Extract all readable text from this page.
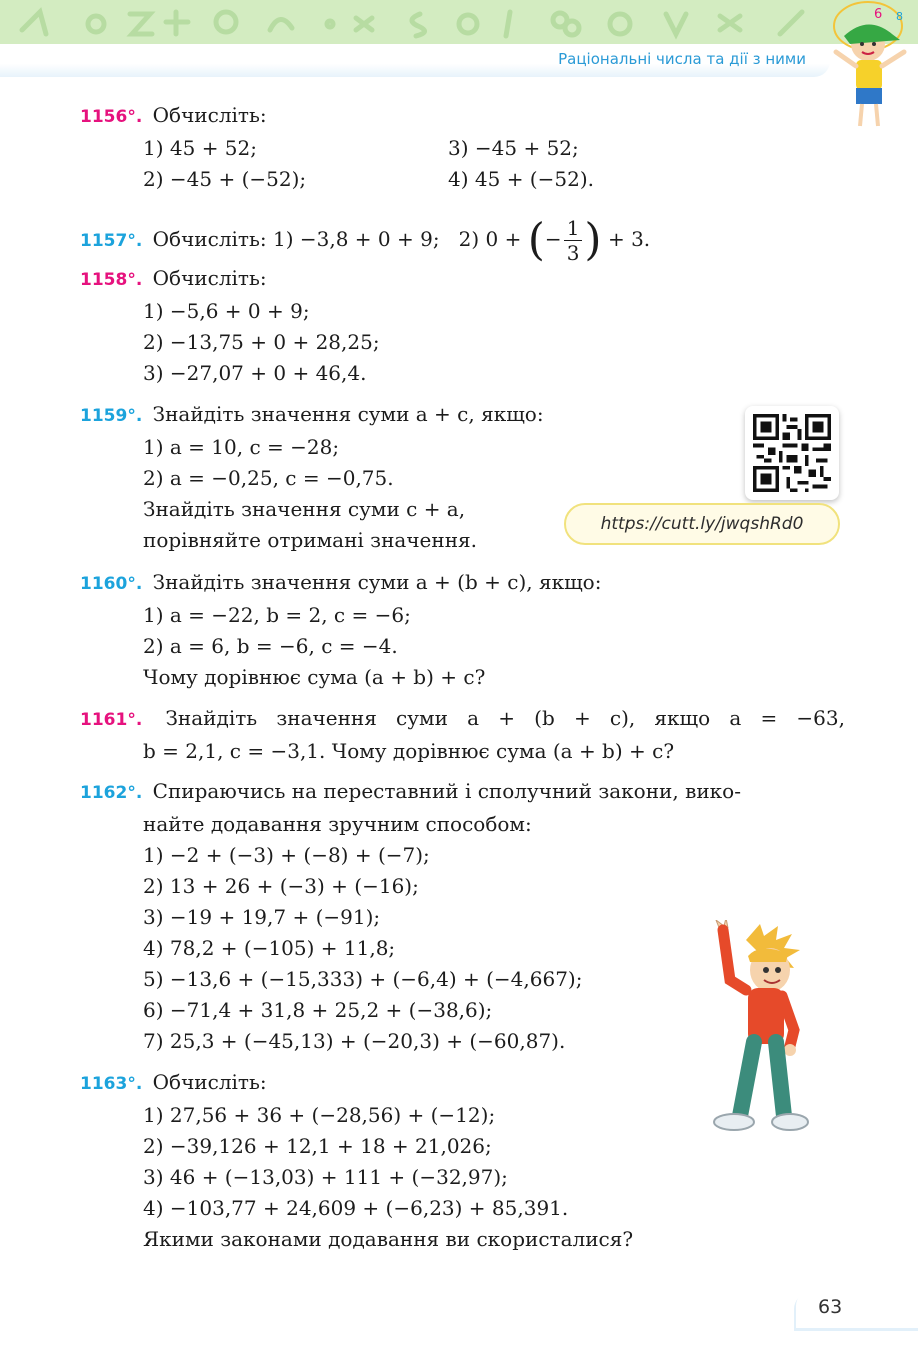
Раціональні числа та дії з ними
6 8
1156°. Обчисліть:
1) 45 + 52;	3) −45 + 52;
2) −45 + (−52);	4) 45 + (−52).
1157°. Обчисліть: 1) −3,8 + 0 + 9; 2) 0 + (− $\frac{1}{3}$ ) + 3.
1158°. Обчисліть:
1) −5,6 + 0 + 9;
2) −13,75 + 0 + 28,25;
3) −27,07 + 0 + 46,4.
1159°. Знайдіть значення суми a + c, якщо:
1) a = 10, c = −28;
2) a = −0,25, c = −0,75.
Знайдіть значення суми c + a,
порівняйте отримані значення.
https://cutt.ly/jwqshRd0
1160°. Знайдіть значення суми a + (b + c), якщо:
1) a = −22, b = 2, c = −6;
2) a = 6, b = −6, c = −4.
Чому дорівнює сума (a + b) + c?
1161°. Знайдіть значення суми a + (b + c), якщо a = −63,
b = 2,1, c = −3,1. Чому дорівнює сума (a + b) + c?
1162°. Спираючись на переставний і сполучний закони, вико-
найте додавання зручним способом:
1) −2 + (−3) + (−8) + (−7);
2) 13 + 26 + (−3) + (−16);
3) −19 + 19,7 + (−91);
4) 78,2 + (−105) + 11,8;
5) −13,6 + (−15,333) + (−6,4) + (−4,667);
6) −71,4 + 31,8 + 25,2 + (−38,6);
7) 25,3 + (−45,13) + (−20,3) + (−60,87).
1163°. Обчисліть:
1) 27,56 + 36 + (−28,56) + (−12);
2) −39,126 + 12,1 + 18 + 21,026;
3) 46 + (−13,03) + 111 + (−32,97);
4) −103,77 + 24,609 + (−6,23) + 85,391.
Якими законами додавання ви скористалися?
63
